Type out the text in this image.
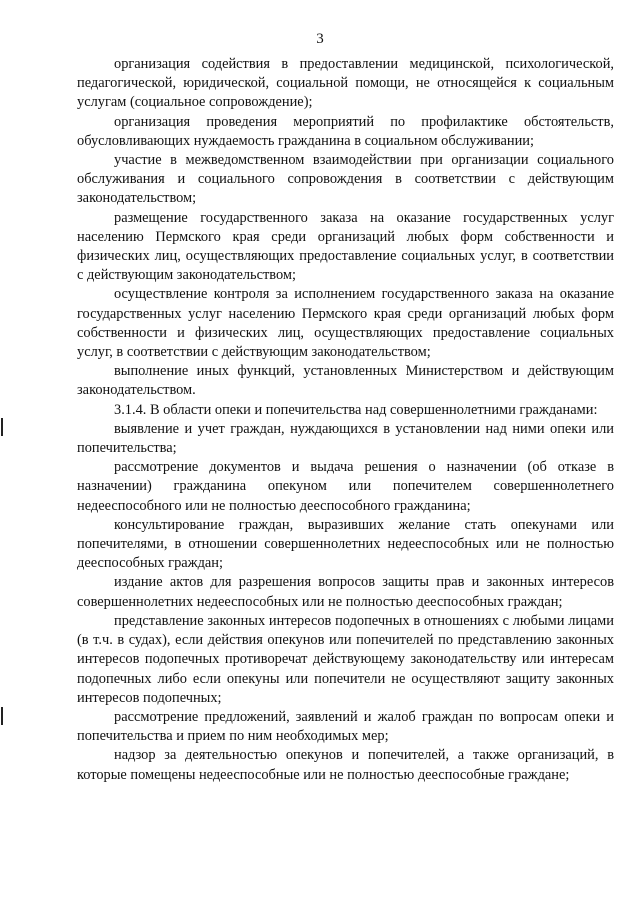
3

организация содействия в предоставлении медицинской, психологической, педагогической, юридической, социальной помощи, не относящейся к социальным услугам (социальное сопровождение);

организация проведения мероприятий по профилактике обстоятельств, обусловливающих нуждаемость гражданина в социальном обслуживании;

участие в межведомственном взаимодействии при организации социального обслуживания и социального сопровождения в соответствии с действующим законодательством;

размещение государственного заказа на оказание государственных услуг населению Пермского края среди организаций любых форм собственности и физических лиц, осуществляющих предоставление социальных услуг, в соответствии с действующим законодательством;

осуществление контроля за исполнением государственного заказа на оказание государственных услуг населению Пермского края среди организаций любых форм собственности и физических лиц, осуществляющих предоставление социальных услуг, в соответствии с действующим законодательством;

выполнение иных функций, установленных Министерством и действующим законодательством.

3.1.4. В области опеки и попечительства над совершеннолетними гражданами:

выявление и учет граждан, нуждающихся в установлении над ними опеки или попечительства;

рассмотрение документов и выдача решения о назначении (об отказе в назначении) гражданина опекуном или попечителем совершеннолетнего недееспособного или не полностью дееспособного гражданина;

консультирование граждан, выразивших желание стать опекунами или попечителями, в отношении совершеннолетних недееспособных или не полностью дееспособных граждан;

издание актов для разрешения вопросов защиты прав и законных интересов совершеннолетних недееспособных или не полностью дееспособных граждан;

представление законных интересов подопечных в отношениях с любыми лицами (в т.ч. в судах), если действия опекунов или попечителей по представлению законных интересов подопечных противоречат действующему законодательству или интересам подопечных либо если опекуны или попечители не осуществляют защиту законных интересов подопечных;

рассмотрение предложений, заявлений и жалоб граждан по вопросам опеки и попечительства и прием по ним необходимых мер;

надзор за деятельностью опекунов и попечителей, а также организаций, в которые помещены недееспособные или не полностью дееспособные граждане;
